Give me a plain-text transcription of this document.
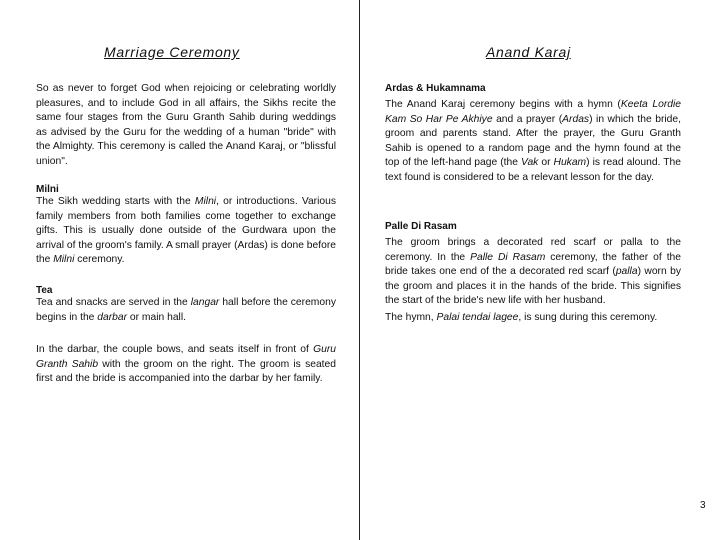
Marriage Ceremony	Anand Karaj

So as never to forget God when rejoicing or celebrating worldly pleasures, and to include God in all affairs, the Sikhs recite the same four stages from the Guru Granth Sahib during weddings as advised by the Guru for the wedding of a human "bride" with the Almighty. This ceremony is called the Anand Karaj, or "blissful union".

Milni

The Sikh wedding starts with the Milni, or introductions. Various family members from both families come together to exchange gifts. This is usually done outside of the Gurdwara upon the arrival of the groom's family. A small prayer (Ardas) is done before the Milni ceremony.

Tea

Tea and snacks are served in the langar hall before the ceremony begins in the darbar or main hall.

In the darbar, the couple bows, and seats itself in front of Guru Granth Sahib with the groom on the right. The groom is seated first and the bride is accompanied into the darbar by her family.

Ardas & Hukamnama

The Anand Karaj ceremony begins with a hymn (Keeta Lordie Kam So Har Pe Akhiye and a prayer (Ardas) in which the bride, groom and parents stand. After the prayer, the Guru Granth Sahib is opened to a random page and the hymn found at the top of the left-hand page (the Vak or Hukam) is read alound. The text found is considered to be a relevant lesson for the day.

Palle Di Rasam

The groom brings a decorated red scarf or palla to the ceremony. In the Palle Di Rasam ceremony, the father of the bride takes one end of the a decorated red scarf (palla) worn by the groom and places it in the hands of the bride. This signifies the start of the bride's new life with her husband.

The hymn, Palai tendai lagee, is sung during this ceremony.

3
